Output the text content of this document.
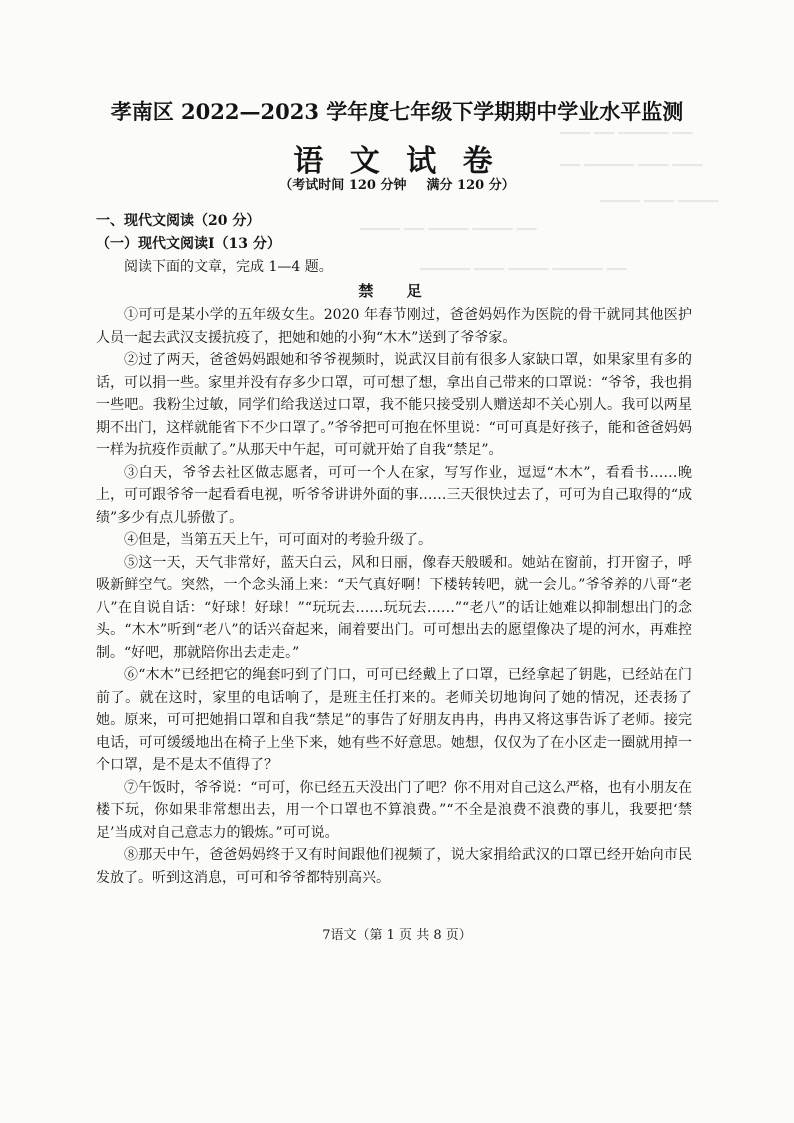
▁▁▁ ▁▁ ▁▁▁▁▁ ▁▁
▁▁ ▁▁▁▁▁ ▁▁▁ ▁▁▁
▁▁▁▁ ▁▁▁ ▁▁▁▁
▁▁▁▁ ▁▁ ▁▁▁▁ ▁▁▁▁ ▁▁
▁▁▁▁▁ ▁▁▁ ▁▁▁▁ ▁▁▁▁▁ ▁▁
孝南区 2022—2023 学年度七年级下学期期中学业水平监测
语 文 试 卷
（考试时间 120 分钟 满分 120 分）
一、现代文阅读（20 分）
（一）现代文阅读Ⅰ（13 分）
阅读下面的文章，完成 1—4 题。
禁 足

①可可是某小学的五年级女生。2020 年春节刚过，爸爸妈妈作为医院的骨干就同其他医护人员一起去武汉支援抗疫了，把她和她的小狗“木木”送到了爷爷家。

②过了两天，爸爸妈妈跟她和爷爷视频时，说武汉目前有很多人家缺口罩，如果家里有多的话，可以捐一些。家里并没有存多少口罩，可可想了想，拿出自己带来的口罩说：“爷爷，我也捐一些吧。我粉尘过敏，同学们给我送过口罩，我不能只接受别人赠送却不关心别人。我可以两星期不出门，这样就能省下不少口罩了。”爷爷把可可抱在怀里说：“可可真是好孩子，能和爸爸妈妈一样为抗疫作贡献了。”从那天中午起，可可就开始了自我“禁足”。

③白天，爷爷去社区做志愿者，可可一个人在家，写写作业，逗逗“木木”，看看书……晚上，可可跟爷爷一起看看电视，听爷爷讲讲外面的事……三天很快过去了，可可为自己取得的“成绩”多少有点儿骄傲了。

④但是，当第五天上午，可可面对的考验升级了。

⑤这一天，天气非常好，蓝天白云，风和日丽，像春天般暖和。她站在窗前，打开窗子，呼吸新鲜空气。突然，一个念头涌上来：“天气真好啊！下楼转转吧，就一会儿。”爷爷养的八哥“老八”在自说自话：“好球！好球！”“玩玩去……玩玩去……”“老八”的话让她难以抑制想出门的念头。“木木”听到“老八”的话兴奋起来，闹着要出门。可可想出去的愿望像决了堤的河水，再难控制。“好吧，那就陪你出去走走。”

⑥“木木”已经把它的绳套叼到了门口，可可已经戴上了口罩，已经拿起了钥匙，已经站在门前了。就在这时，家里的电话响了，是班主任打来的。老师关切地询问了她的情况，还表扬了她。原来，可可把她捐口罩和自我“禁足”的事告了好朋友冉冉，冉冉又将这事告诉了老师。接完电话，可可缓缓地出在椅子上坐下来，她有些不好意思。她想，仅仅为了在小区走一圈就用掉一个口罩，是不是太不值得了？

⑦午饭时，爷爷说：“可可，你已经五天没出门了吧？你不用对自己这么严格，也有小朋友在楼下玩，你如果非常想出去，用一个口罩也不算浪费。”“不全是浪费不浪费的事儿，我要把‘禁足’当成对自己意志力的锻炼。”可可说。

⑧那天中午，爸爸妈妈终于又有时间跟他们视频了，说大家捐给武汉的口罩已经开始向市民发放了。听到这消息，可可和爷爷都特别高兴。

7语文（第 1 页 共 8 页）
